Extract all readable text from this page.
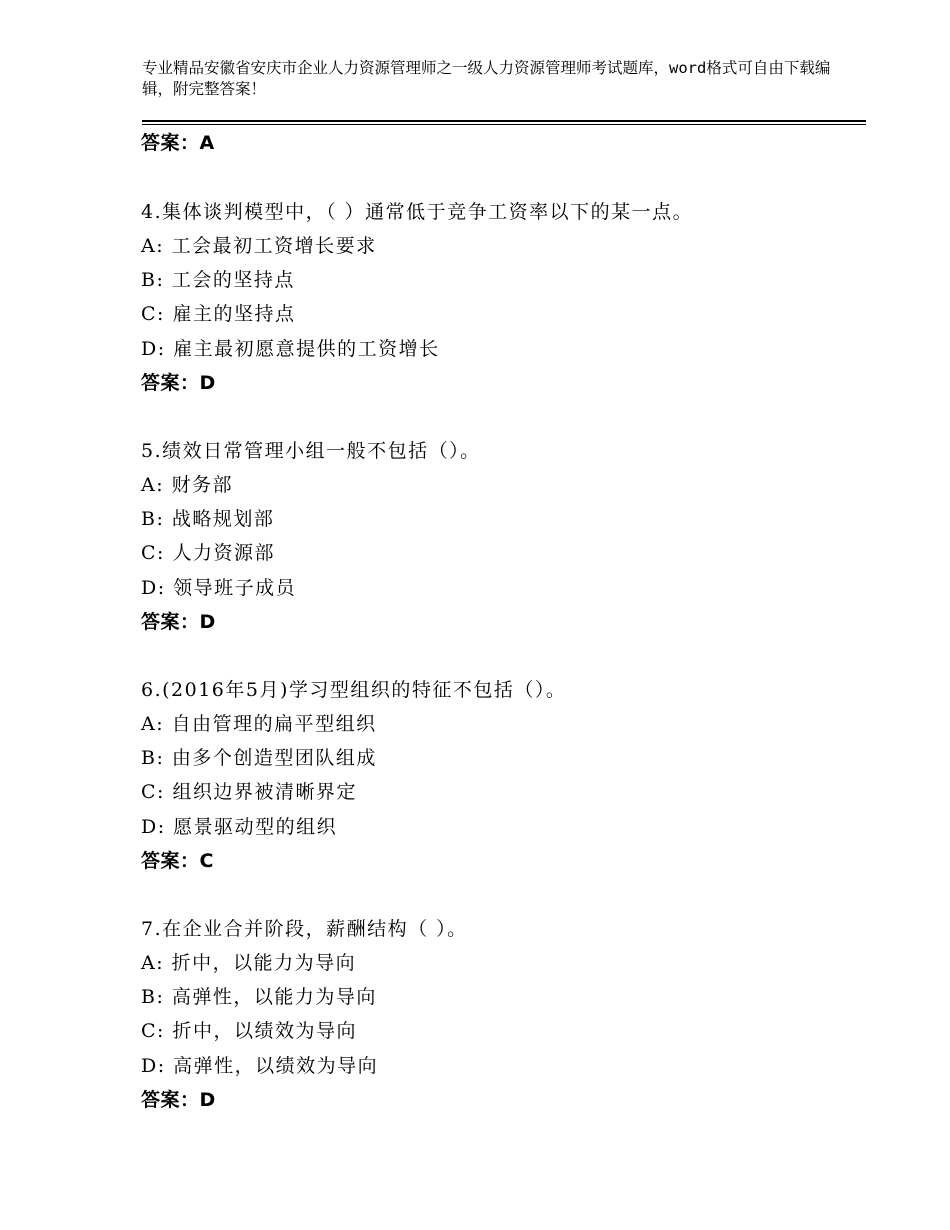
专业精品安徽省安庆市企业人力资源管理师之一级人力资源管理师考试题库，word格式可自由下载编辑，附完整答案！
答案：A
4.集体谈判模型中，（ ）通常低于竞争工资率以下的某一点。
A: 工会最初工资增长要求
B: 工会的坚持点
C: 雇主的坚持点
D: 雇主最初愿意提供的工资增长
答案：D
5.绩效日常管理小组一般不包括（）。
A: 财务部
B: 战略规划部
C: 人力资源部
D: 领导班子成员
答案：D
6.(2016年5月)学习型组织的特征不包括（）。
A: 自由管理的扁平型组织
B: 由多个创造型团队组成
C: 组织边界被清晰界定
D: 愿景驱动型的组织
答案：C
7.在企业合并阶段，薪酬结构（ ）。
A: 折中，以能力为导向
B: 高弹性，以能力为导向
C: 折中，以绩效为导向
D: 高弹性，以绩效为导向
答案：D
